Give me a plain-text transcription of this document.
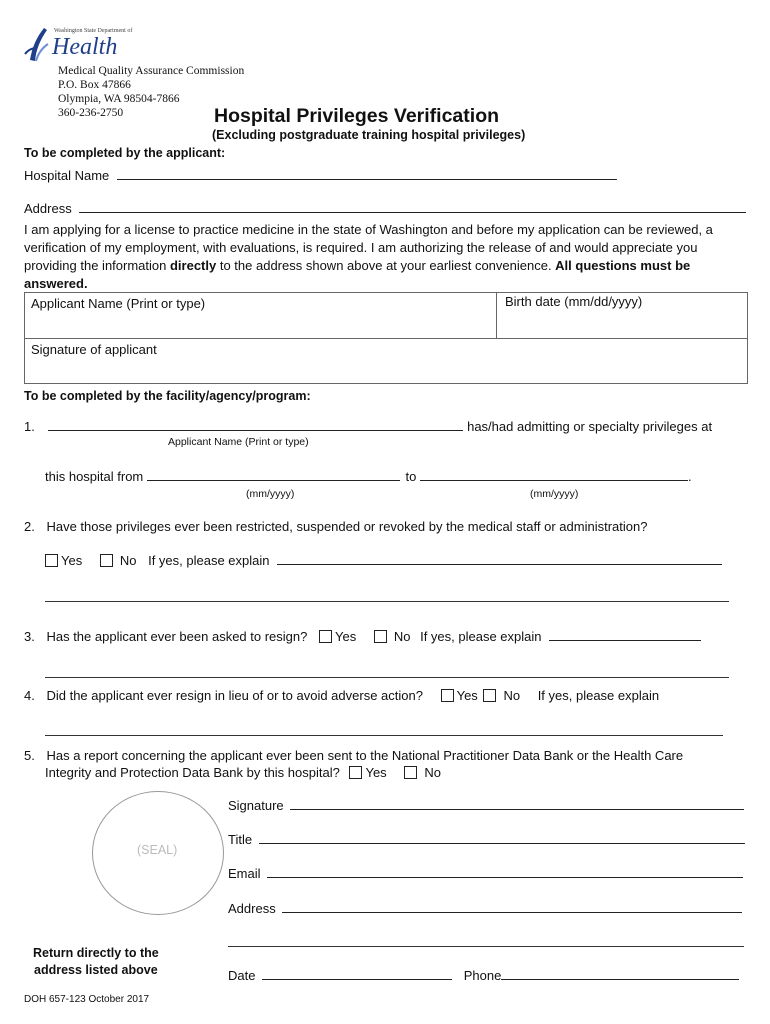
Washington State Department of
Health
Medical Quality Assurance Commission
P.O. Box 47866
Olympia, WA 98504-7866
360-236-2750	Hospital Privileges Verification
(Excluding postgraduate training hospital privileges)
To be completed by the applicant:
Hospital Name
Address
I am applying for a license to practice medicine in the state of Washington and before my application can be reviewed, a verification of my employment, with evaluations, is required. I am authorizing the release of and would appreciate you providing the information directly to the address shown above at your earliest convenience. All questions must be answered.
Applicant Name (Print or type)	Birth date (mm/dd/yyyy)
Signature of applicant
To be completed by the facility/agency/program:
1.	has/had admitting or specialty privileges at
Applicant Name (Print or type)
this hospital from	to	.
(mm/yyyy)	(mm/yyyy)
2. Have those privileges ever been restricted, suspended or revoked by the medical staff or administration?
Yes	No If yes, please explain
3. Has the applicant ever been asked to resign? Yes	No If yes, please explain
4. Did the applicant ever resign in lieu of or to avoid adverse action?	Yes No If yes, please explain
5. Has a report concerning the applicant ever been sent to the National Practitioner Data Bank or the Health Care
Integrity and Protection Data Bank by this hospital? Yes	No
(SEAL)
Signature
Title
Email
Address
Date	Phone
Return directly to the
address listed above
DOH 657-123 October 2017
